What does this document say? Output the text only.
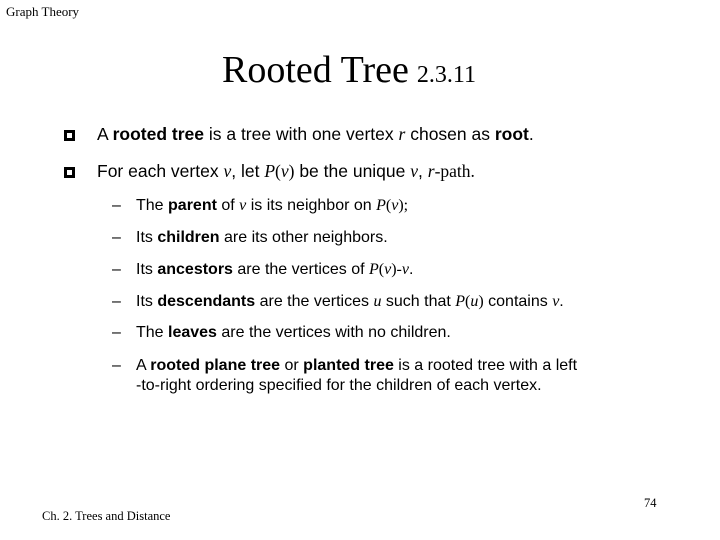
Graph Theory
Rooted Tree 2.3.11
A rooted tree is a tree with one vertex r chosen as root.
For each vertex v, let P(v) be the unique v, r-path.
– The parent of v is its neighbor on P(v);
– Its children are its other neighbors.
– Its ancestors are the vertices of P(v)-v.
– Its descendants are the vertices u such that P(u) contains v.
– The leaves are the vertices with no children.
– A rooted plane tree or planted tree is a rooted tree with a left
-to-right ordering specified for the children of each vertex.
Ch. 2. Trees and Distance
74
